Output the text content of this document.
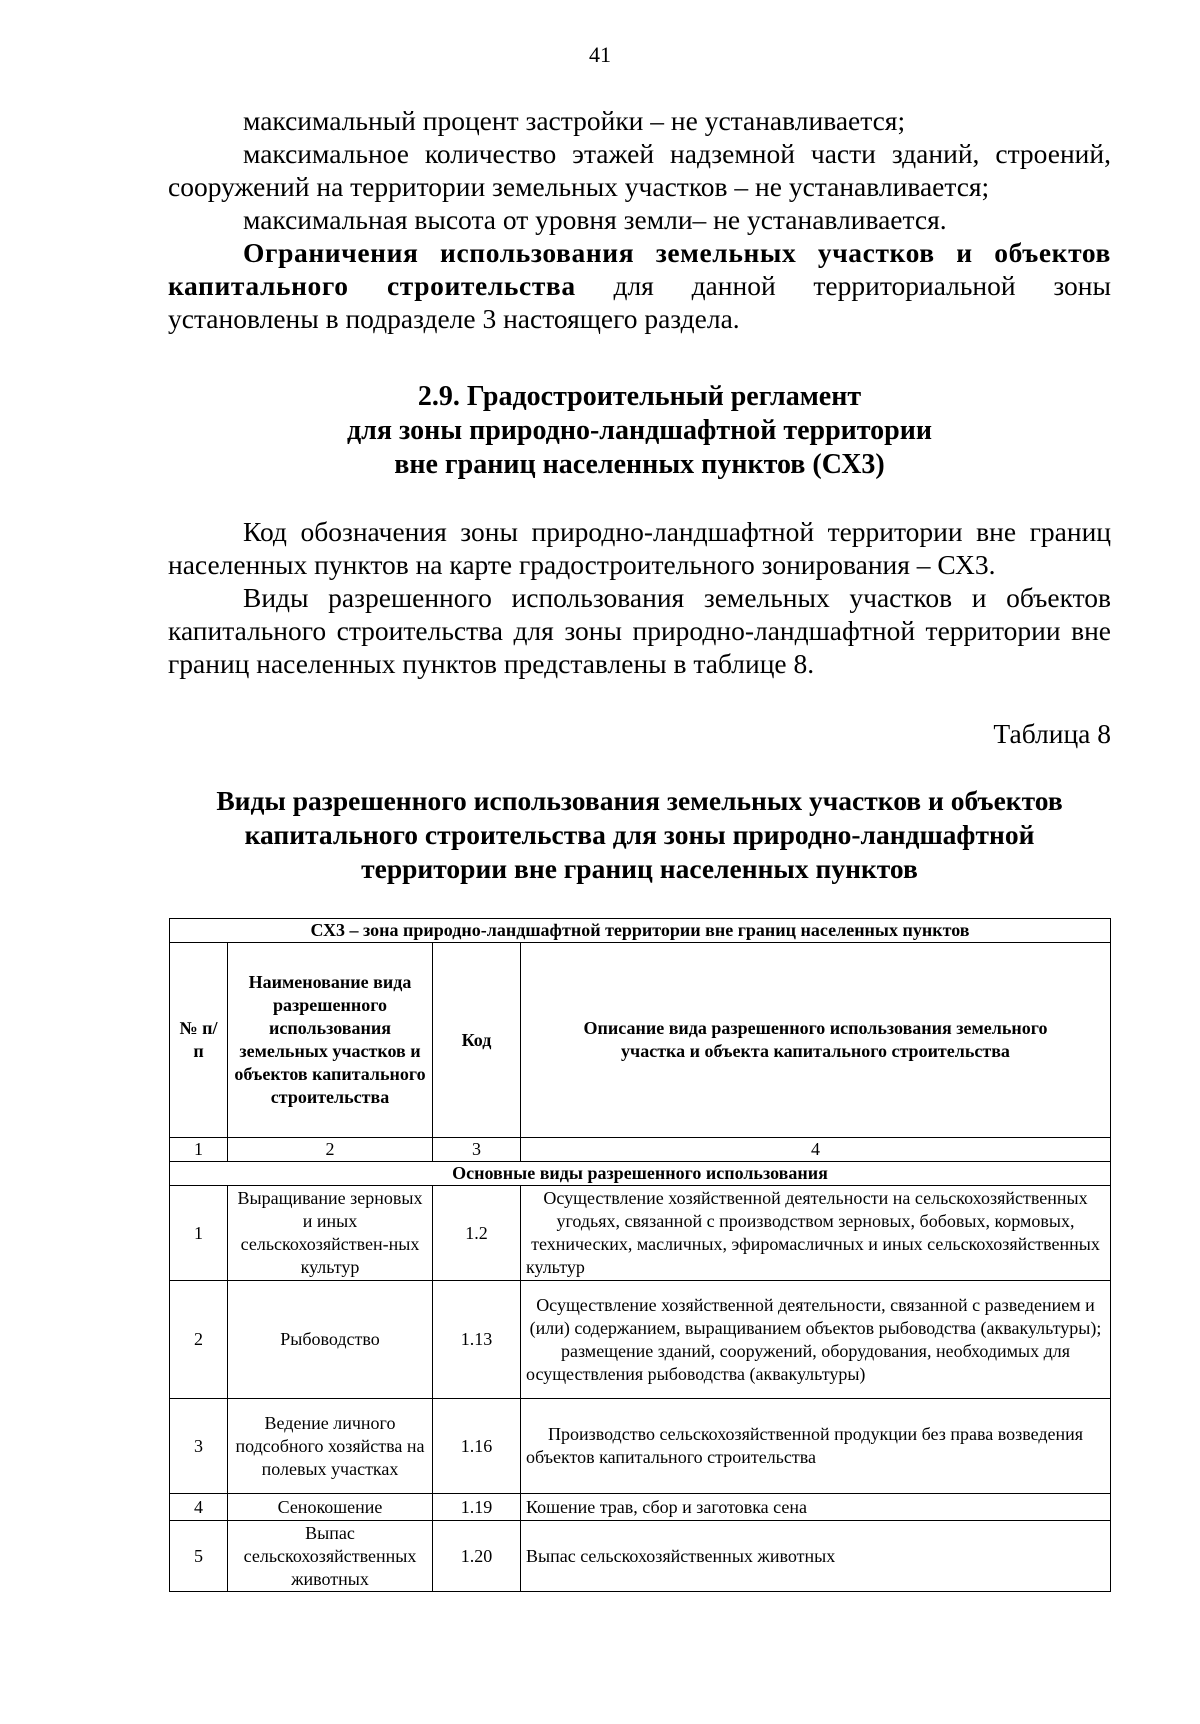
41

максимальный процент застройки – не устанавливается;

максимальное количество этажей надземной части зданий, строений, сооружений на территории земельных участков – не устанавливается;

максимальная высота от уровня земли– не устанавливается.

Ограничения использования земельных участков и объектов капитального строительства для данной территориальной зоны установлены в подразделе 3 настоящего раздела.

2.9. Градостроительный регламент
для зоны природно-ландшафтной территории
вне границ населенных пунктов (СХ3)

Код обозначения зоны природно-ландшафтной территории вне границ населенных пунктов на карте градостроительного зонирования – СХ3.

Виды разрешенного использования земельных участков и объектов капитального строительства для зоны природно-ландшафтной территории вне границ населенных пунктов представлены в таблице 8.

Таблица 8
Виды разрешенного использования земельных участков и объектов
капитального строительства для зоны природно-ландшафтной
территории вне границ населенных пунктов
СХ3 – зона природно-ландшафтной территории вне границ населенных пунктов			
№ п/п	Наименование вида разрешенного использования земельных участков и объектов капитального строительства	Код	Описание вида разрешенного использования земельного участка и объекта капитального строительства
1	2	3	4
Основные виды разрешенного использования			
1	Выращивание зерновых и иных сельскохозяйствен-ных культур	1.2	Осуществление хозяйственной деятельности на сельскохозяйственных угодьях, связанной с производством зерновых, бобовых, кормовых, технических, масличных, эфиромасличных и иных сельскохозяйственных культур
2	Рыбоводство	1.13	Осуществление хозяйственной деятельности, связанной с разведением и (или) содержанием, выращиванием объектов рыбоводства (аквакультуры); размещение зданий, сооружений, оборудования, необходимых для осуществления рыбоводства (аквакультуры)
3	Ведение личного подсобного хозяйства на полевых участках	1.16	Производство сельскохозяйственной продукции без права возведения объектов капитального строительства
4	Сенокошение	1.19	Кошение трав, сбор и заготовка сена
5	Выпас сельскохозяйственных животных	1.20	Выпас сельскохозяйственных животных
